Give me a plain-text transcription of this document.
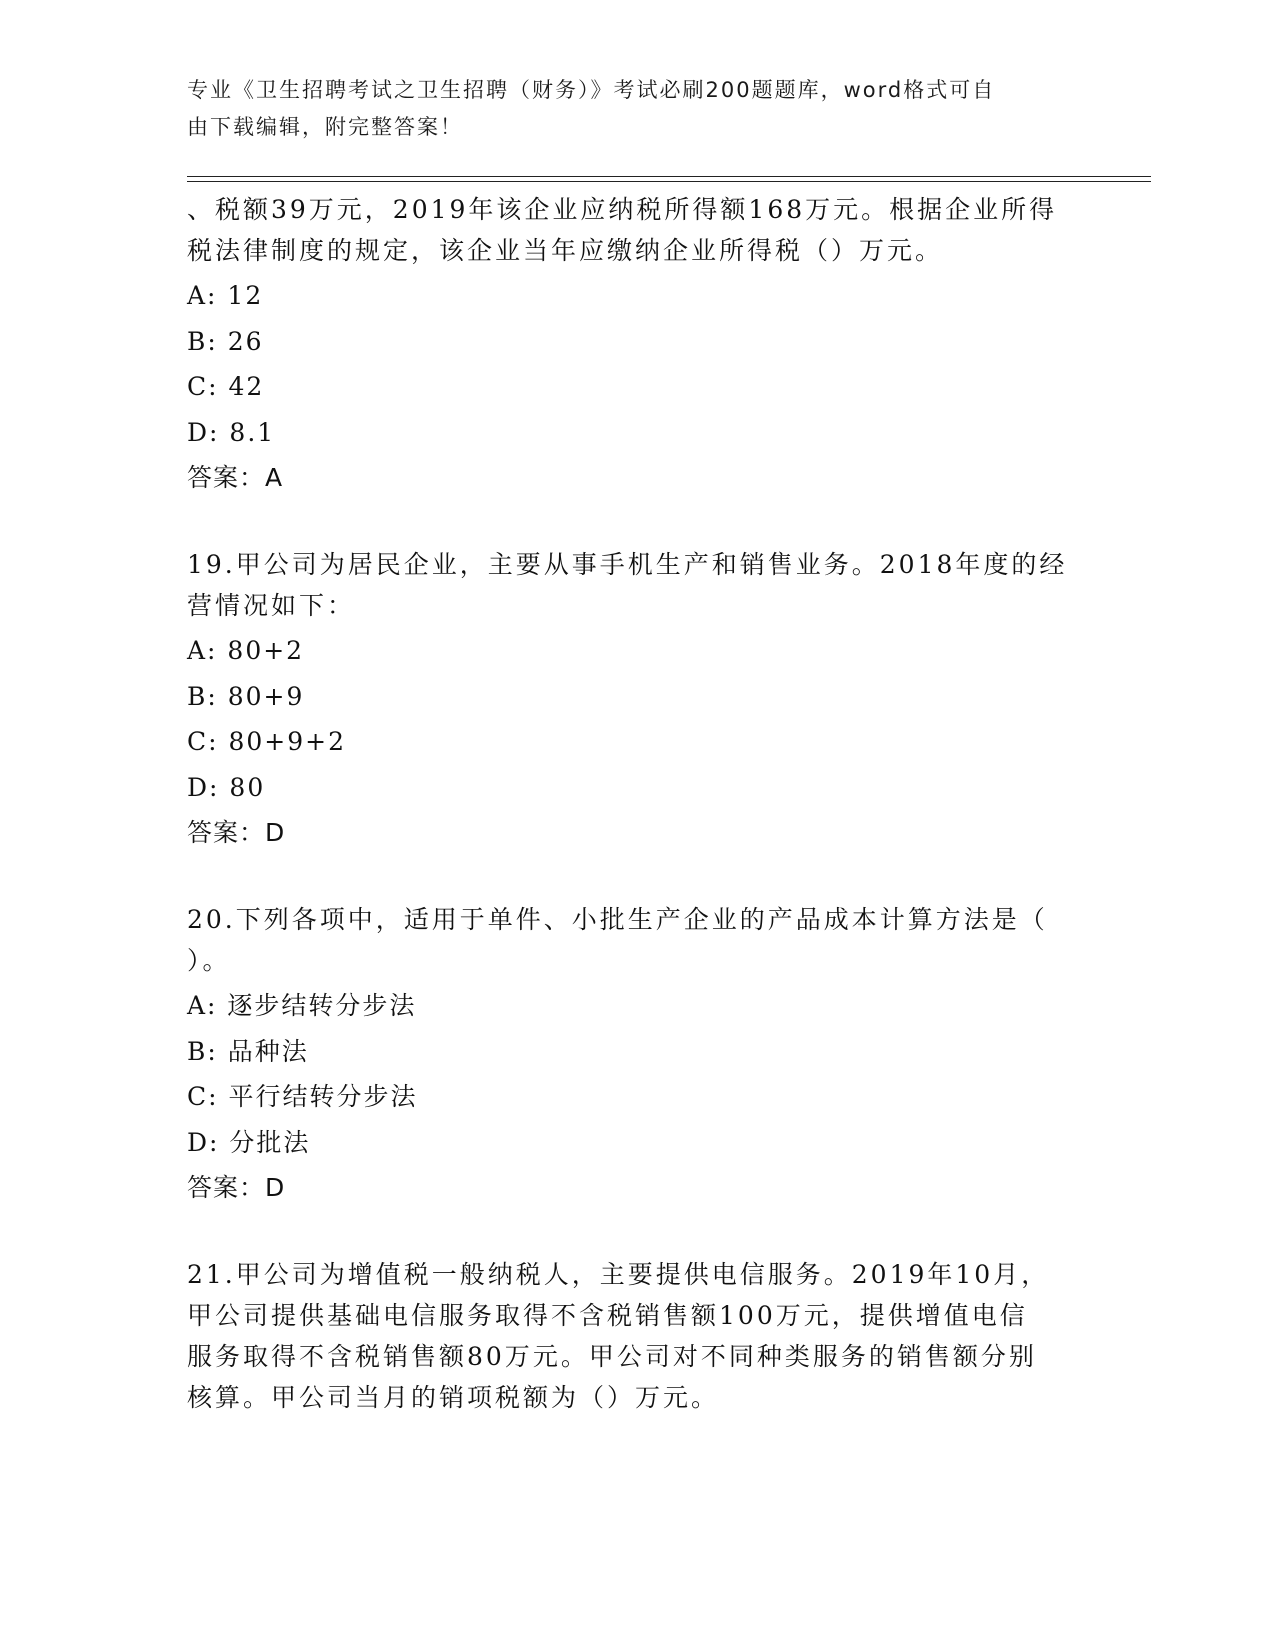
专业《卫生招聘考试之卫生招聘（财务）》考试必刷200题题库，word格式可自
由下载编辑，附完整答案！

、税额39万元，2019年该企业应纳税所得额168万元。根据企业所得

税法律制度的规定，该企业当年应缴纳企业所得税（）万元。

A: 12

B: 26

C: 42

D: 8.1

答案：A

19.甲公司为居民企业，主要从事手机生产和销售业务。2018年度的经

营情况如下：

A: 80+2

B: 80+9

C: 80+9+2

D: 80

答案：D

20.下列各项中，适用于单件、小批生产企业的产品成本计算方法是（

）。

A: 逐步结转分步法

B: 品种法

C: 平行结转分步法

D: 分批法

答案：D

21.甲公司为增值税一般纳税人，主要提供电信服务。2019年10月，

甲公司提供基础电信服务取得不含税销售额100万元，提供增值电信

服务取得不含税销售额80万元。甲公司对不同种类服务的销售额分别

核算。甲公司当月的销项税额为（）万元。
